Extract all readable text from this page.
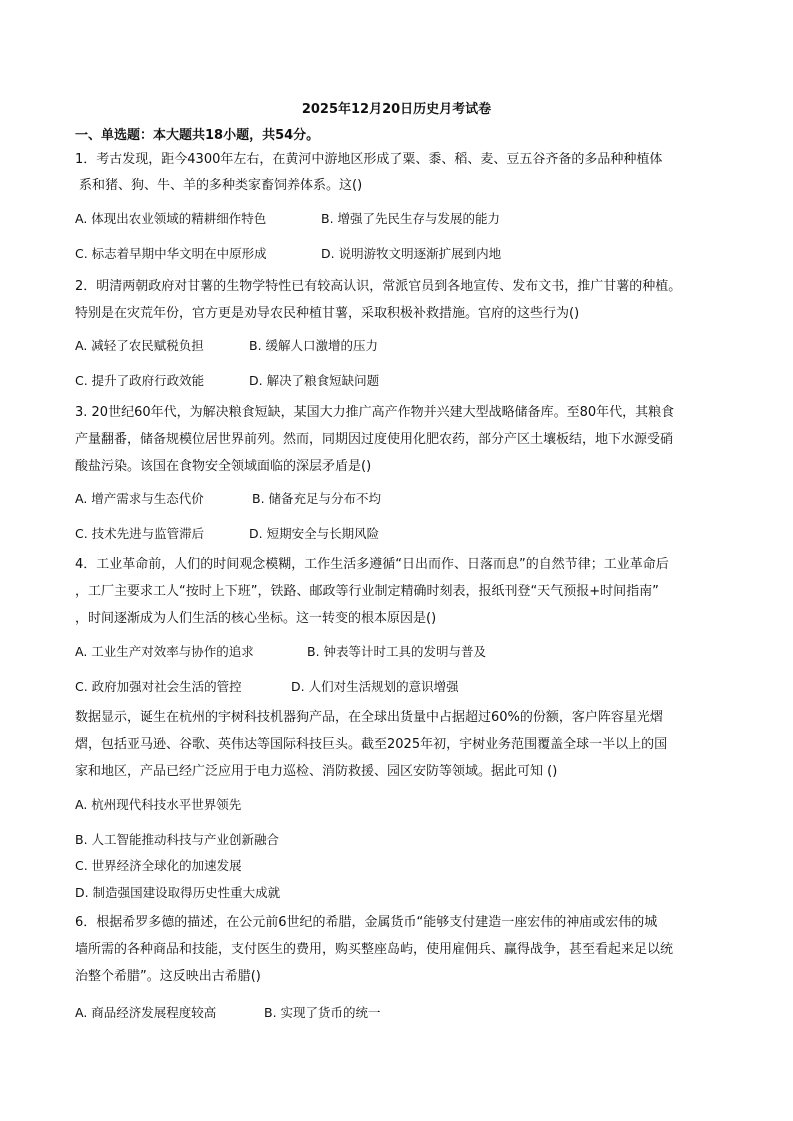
2025年12月20日历史月考试卷
一、单选题：本大题共18小题，共54分。
1．考古发现，距今4300年左右，在黄河中游地区形成了粟、黍、稻、麦、豆五谷齐备的多品种种植体
系和猪、狗、牛、羊的多种类家畜饲养体系。这()
A. 体现出农业领域的精耕细作特色	B. 增强了先民生存与发展的能力
C. 标志着早期中华文明在中原形成	D. 说明游牧文明逐渐扩展到内地
2．明清两朝政府对甘薯的生物学特性已有较高认识，常派官员到各地宣传、发布文书，推广甘薯的种植。
特别是在灾荒年份，官方更是劝导农民种植甘薯，采取积极补救措施。官府的这些行为()
A. 减轻了农民赋税负担	B. 缓解人口激增的压力
C. 提升了政府行政效能	D. 解决了粮食短缺问题
3. 20世纪60年代，为解决粮食短缺，某国大力推广高产作物并兴建大型战略储备库。至80年代，其粮食
产量翻番，储备规模位居世界前列。然而，同期因过度使用化肥农药，部分产区土壤板结，地下水源受硝
酸盐污染。该国在食物安全领域面临的深层矛盾是()
A. 增产需求与生态代价	B. 储备充足与分布不均
C. 技术先进与监管滞后	D. 短期安全与长期风险
4．工业革命前，人们的时间观念模糊，工作生活多遵循“日出而作、日落而息”的自然节律；工业革命后
，工厂主要求工人“按时上下班”，铁路、邮政等行业制定精确时刻表，报纸刊登“天气预报+时间指南”
，时间逐渐成为人们生活的核心坐标。这一转变的根本原因是()
A. 工业生产对效率与协作的追求	B. 钟表等计时工具的发明与普及
C. 政府加强对社会生活的管控	D. 人们对生活规划的意识增强
数据显示，诞生在杭州的宇树科技机器狗产品，在全球出货量中占据超过60%的份额，客户阵容星光熠
熠，包括亚马逊、谷歌、英伟达等国际科技巨头。截至2025年初，宇树业务范围覆盖全球一半以上的国
家和地区，产品已经广泛应用于电力巡检、消防救援、园区安防等领域。据此可知 ()
A. 杭州现代科技水平世界领先
B. 人工智能推动科技与产业创新融合
C. 世界经济全球化的加速发展
D. 制造强国建设取得历史性重大成就
6．根据希罗多德的描述，在公元前6世纪的希腊，金属货币“能够支付建造一座宏伟的神庙或宏伟的城
墙所需的各种商品和技能，支付医生的费用，购买整座岛屿，使用雇佣兵、赢得战争，甚至看起来足以统
治整个希腊”。这反映出古希腊()
A. 商品经济发展程度较高	B. 实现了货币的统一
